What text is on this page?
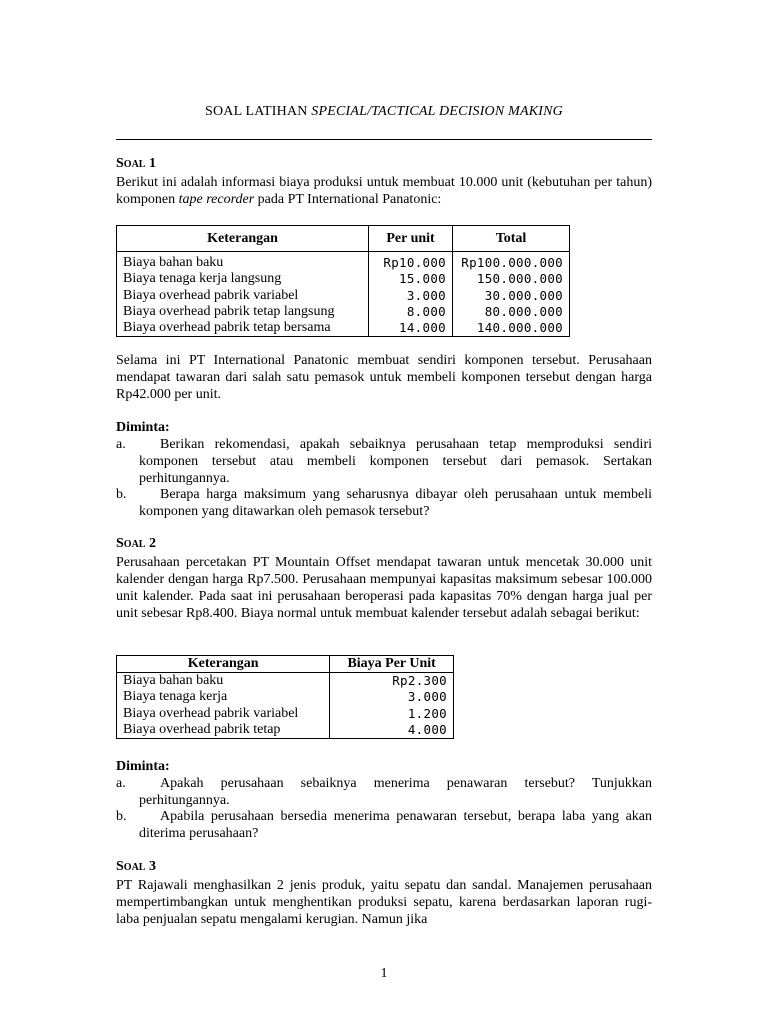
SOAL LATIHAN SPECIAL/TACTICAL DECISION MAKING
Soal 1
Berikut ini adalah informasi biaya produksi untuk membuat 10.000 unit (kebutuhan per tahun) komponen tape recorder pada PT International Panatonic:
Keterangan	Per unit	Total
Biaya bahan baku	Rp10.000	Rp100.000.000
Biaya tenaga kerja langsung	15.000	150.000.000
Biaya overhead pabrik variabel	3.000	30.000.000
Biaya overhead pabrik tetap langsung	8.000	80.000.000
Biaya overhead pabrik tetap bersama	14.000	140.000.000
Selama ini PT International Panatonic membuat sendiri komponen tersebut. Perusahaan mendapat tawaran dari salah satu pemasok untuk membeli komponen tersebut dengan harga Rp42.000 per unit.
Diminta:
a.	Berikan rekomendasi, apakah sebaiknya perusahaan tetap memproduksi sendiri komponen tersebut atau membeli komponen tersebut dari pemasok. Sertakan perhitungannya.
b.	Berapa harga maksimum yang seharusnya dibayar oleh perusahaan untuk membeli komponen yang ditawarkan oleh pemasok tersebut?
Soal 2
Perusahaan percetakan PT Mountain Offset mendapat tawaran untuk mencetak 30.000 unit kalender dengan harga Rp7.500. Perusahaan mempunyai kapasitas maksimum sebesar 100.000 unit kalender. Pada saat ini perusahaan beroperasi pada kapasitas 70% dengan harga jual per unit sebesar Rp8.400. Biaya normal untuk membuat kalender tersebut adalah sebagai berikut:
Keterangan	Biaya Per Unit
Biaya bahan baku	Rp2.300
Biaya tenaga kerja	3.000
Biaya overhead pabrik variabel	1.200
Biaya overhead pabrik tetap	4.000
Diminta:
a.	Apakah perusahaan sebaiknya menerima penawaran tersebut? Tunjukkan perhitungannya.
b.	Apabila perusahaan bersedia menerima penawaran tersebut, berapa laba yang akan diterima perusahaan?
Soal 3
PT Rajawali menghasilkan 2 jenis produk, yaitu sepatu dan sandal. Manajemen perusahaan mempertimbangkan untuk menghentikan produksi sepatu, karena berdasarkan laporan rugi-laba penjualan sepatu mengalami kerugian. Namun jika
1
